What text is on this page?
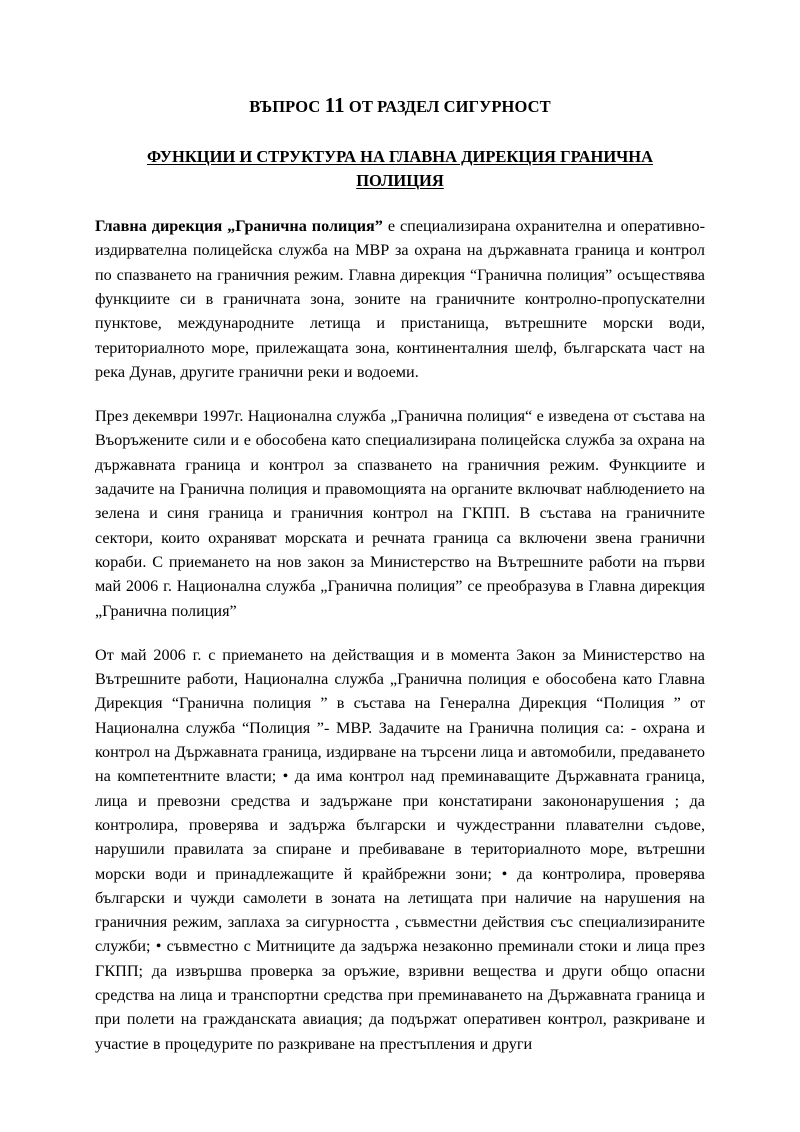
ВЪПРОС 11 ОТ РАЗДЕЛ СИГУРНОСТ
ФУНКЦИИ И СТРУКТУРА НА ГЛАВНА ДИРЕКЦИЯ ГРАНИЧНА
ПОЛИЦИЯ

Главна дирекция „Гранична полиция” е специализирана охранителна и оперативно-издирвателна полицейска служба на МВР за охрана на държавната граница и контрол по спазването на граничния режим. Главна дирекция “Гранична полиция” осъществява функциите си в граничната зона, зоните на граничните контролно-пропускателни пунктове, международните летища и пристанища, вътрешните морски води, териториалното море, прилежащата зона, континенталния шелф, българската част на река Дунав, другите гранични реки и водоеми.

През декември 1997г. Национална служба „Гранична полиция“ е изведена от състава на Въоръжените сили и е обособена като специализирана полицейска служба за охрана на държавната граница и контрол за спазването на граничния режим. Функциите и задачите на Гранична полиция и правомощията на органите включват наблюдението на зелена и синя граница и граничния контрол на ГКПП. В състава на граничните сектори, които охраняват морската и речната граница са включени звена гранични кораби. С приемането на нов закон за Министерство на Вътрешните работи на първи май 2006 г. Национална служба „Гранична полиция” се преобразува в Главна дирекция „Гранична полиция”

От май 2006 г. с приемането на действащия и в момента Закон за Министерство на Вътрешните работи, Национална служба „Гранична полиция е обособена като Главна Дирекция “Гранична полиция ” в състава на Генерална Дирекция “Полиция ” от Национална служба “Полиция ”- МВР. Задачите на Гранична полиция са: - охрана и контрол на Държавната граница, издирване на търсени лица и автомобили, предаването на компетентните власти; • да има контрол над преминаващите Държавната граница, лица и превозни средства и задържане при констатирани закононарушения ; да контролира, проверява и задържа български и чуждестранни плавателни съдове, нарушили правилата за спиране и пребиваване в териториалното море, вътрешни морски води и принадлежащите й крайбрежни зони; • да контролира, проверява български и чужди самолети в зоната на летищата при наличие на нарушения на граничния режим, заплаха за сигурността , съвместни действия със специализираните служби; • съвместно с Митниците да задържа незаконно преминали стоки и лица през ГКПП; да извършва проверка за оръжие, взривни вещества и други общо опасни средства на лица и транспортни средства при преминаването на Държавната граница и при полети на гражданската авиация; да подържат оперативен контрол, разкриване и участие в процедурите по разкриване на престъпления и други
